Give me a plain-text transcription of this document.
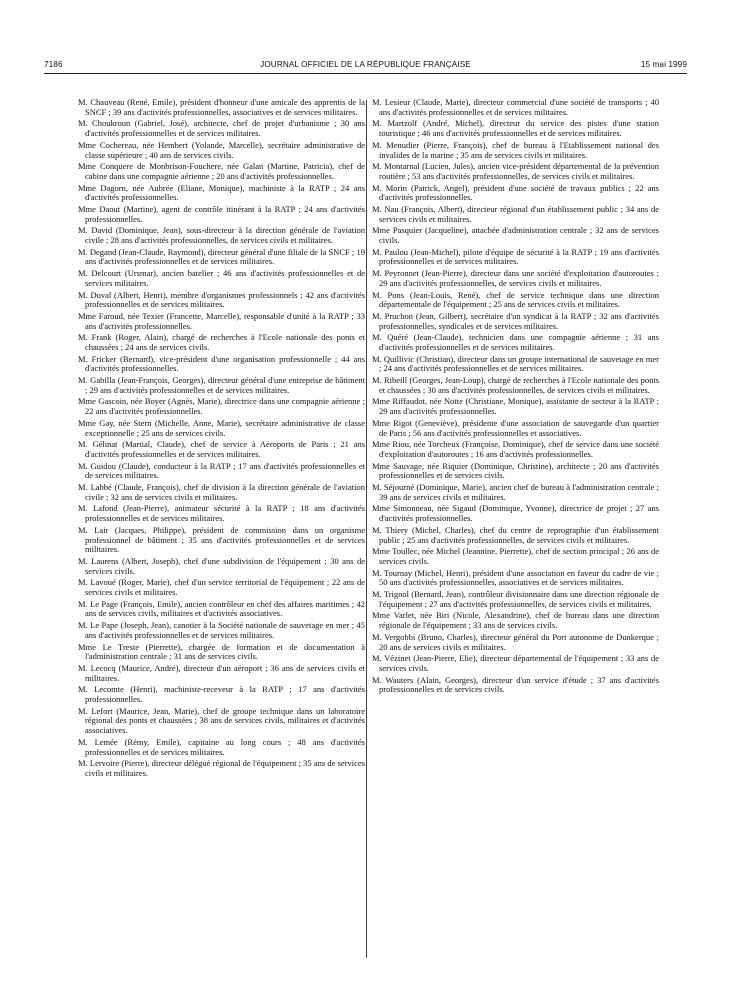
7186	JOURNAL OFFICIEL DE LA RÉPUBLIQUE FRANÇAISE	15 mai 1999

M. Chauveau (René, Emile), président d'honneur d'une amicale des apprentis de la SNCF ; 39 ans d'activités professionnelles, associatives et de services militaires.

M. Choukroun (Gabriel, José), architecte, chef de projet d'urbanisme ; 30 ans d'activités professionnelles et de services militaires.

Mme Cochereau, née Hembert (Yolande, Marcelle), secrétaire administrative de classe supérieure ; 40 ans de services civils.

Mme Conquere de Monbrison-Fouchere, née Galan (Martine, Patricia), chef de cabine dans une compagnie aérienne ; 20 ans d'activités professionnelles.

Mme Dagorn, née Aubrée (Eliane, Monique), machiniste à la RATP ; 24 ans d'activités professionnelles.

Mme Daout (Martine), agent de contrôle itinérant à la RATP ; 24 ans d'activités professionnelles.

M. David (Dominique, Jean), sous-directeur à la direction générale de l'aviation civile ; 28 ans d'activités professionnelles, de services civils et militaires.

M. Degand (Jean-Claude, Raymond), directeur général d'une filiale de la SNCF ; 19 ans d'activités professionnelles et de services militaires.

M. Delcourt (Ursmar), ancien batelier ; 46 ans d'activités professionnelles et de services militaires.

M. Duval (Albert, Henri), membre d'organismes professionnels ; 42 ans d'activités professionnelles et de services militaires.

Mme Faroud, née Texier (Francette, Marcelle), responsable d'unité à la RATP ; 33 ans d'activités professionnelles.

M. Frank (Roger, Alain), chargé de recherches à l'Ecole nationale des ponts et chaussées ; 24 ans de services civils.

M. Fricker (Bernard), vice-président d'une organisation professionnelle ; 44 ans d'activités professionnelles.

M. Gabilla (Jean-François, Georges), directeur général d'une entreprise de bâtiment ; 29 ans d'activités professionnelles et de services militaires.

Mme Gascoin, née Boyer (Agnès, Marie), directrice dans une compagnie aérienne ; 22 ans d'activités professionnelles.

Mme Gay, née Stern (Michelle, Anne, Marie), secrétaire administrative de classe exceptionnelle ; 25 ans de services civils.

M. Gélinat (Martial, Claude), chef de service à Aéroports de Paris ; 21 ans d'activités professionnelles et de services militaires.

M. Guidou (Claude), conducteur à la RATP ; 17 ans d'activités professionnelles et de services militaires.

M. Labbé (Claude, François), chef de division à la direction générale de l'aviation civile ; 32 ans de services civils et militaires.

M. Lafond (Jean-Pierre), animateur sécurité à la RATP ; 18 ans d'activités professionnelles et de services militaires.

M. Lair (Jacques, Philippe), président de commission dans un organisme professionnel de bâtiment ; 35 ans d'activités professionnelles et de services militaires.

M. Laurens (Albert, Joseph), chef d'une subdivision de l'équipement ; 30 ans de services civils.

M. Lavoué (Roger, Marie), chef d'un service territorial de l'équipement ; 22 ans de services civils et militaires.

M. Le Page (François, Emile), ancien contrôleur en chef des affaires maritimes ; 42 ans de services civils, militaires et d'activités associatives.

M. Le Pape (Joseph, Jean), canotier à la Société nationale de sauvetage en mer ; 45 ans d'activités professionnelles et de services militaires.

Mme Le Treste (Pierrette), chargée de formation et de documentation à l'administration centrale ; 31 ans de services civils.

M. Lecocq (Maurice, André), directeur d'un aéroport ; 36 ans de services civils et militaires.

M. Lecomte (Henri), machiniste-receveur à la RATP ; 17 ans d'activités professionnelles.

M. Lefort (Maurice, Jean, Marie), chef de groupe technique dans un laboratoire régional des ponts et chaussées ; 38 ans de services civils, militaires et d'activités associatives.

M. Lemée (Rémy, Emile), capitaine au long cours ; 48 ans d'activités professionnelles et de services militaires.

M. Lervoire (Pierre), directeur délégué régional de l'équipement ; 35 ans de services civils et militaires.

M. Lesieur (Claude, Marie), directeur commercial d'une société de transports ; 40 ans d'activités professionnelles et de services militaires.

M. Martzolf (André, Michel), directeur du service des pistes d'une station touristique ; 46 ans d'activités professionnelles et de services militaires.

M. Menudier (Pierre, François), chef de bureau à l'Etablissement national des invalides de la marine ; 35 ans de services civils et militaires.

M. Montarnal (Lucien, Jules), ancien vice-président départemental de la prévention routière ; 53 ans d'activités professionnelles, de services civils et militaires.

M. Morin (Patrick, Angel), président d'une société de travaux publics ; 22 ans d'activités professionnelles.

M. Nau (François, Albert), directeur régional d'un établissement public ; 34 ans de services civils et militaires.

Mme Pasquier (Jacqueline), attachée d'administration centrale ; 32 ans de services civils.

M. Paulou (Jean-Michel), pilote d'équipe de sécurité à la RATP ; 19 ans d'activités professionnelles et de services militaires.

M. Peyronnet (Jean-Pierre), directeur dans une société d'exploitation d'autoroutes ; 29 ans d'activités professionnelles, de services civils et militaires.

M. Pons (Jean-Louis, René), chef de service technique dans une direction départementale de l'équipement ; 25 ans de services civils et militaires.

M. Pruchon (Jean, Gilbert), secrétaire d'un syndicat à la RATP ; 32 ans d'activités professionnelles, syndicales et de services militaires.

M. Quéré (Jean-Claude), technicien dans une compagnie aérienne ; 31 ans d'activités professionnelles et de services militaires.

M. Quillivic (Christian), directeur dans un groupe international de sauvetage en mer ; 24 ans d'activités professionnelles et de services militaires.

M. Ribeill (Georges, Jean-Loup), chargé de recherches à l'Ecole nationale des ponts et chaussées ; 30 ans d'activités professionnelles, de services civils et militaires.

Mme Riffaudot, née Notte (Christiane, Monique), assistante de secteur à la RATP ; 29 ans d'activités professionnelles.

Mme Rigot (Geneviève), présidente d'une association de sauvegarde d'un quartier de Paris ; 56 ans d'activités professionnelles et associatives.

Mme Riou, née Torcheux (Françoise, Dominique), chef de service dans une société d'exploitation d'autoroutes ; 16 ans d'activités professionnelles.

Mme Sauvage, née Riquier (Dominique, Christine), architecte ; 20 ans d'activités professionnelles et de services civils.

M. Séjourné (Dominique, Marie), ancien chef de bureau à l'administration centrale ; 39 ans de services civils et militaires.

Mme Simonneau, née Sigaud (Dominique, Yvonne), directrice de projet ; 27 ans d'activités professionnelles.

M. Thiery (Michel, Charles), chef du centre de reprographie d'un établissement public ; 25 ans d'activités professionnelles, de services civils et militaires.

Mme Toullec, née Michel (Jeannine, Pierrette), chef de section principal ; 26 ans de services civils.

M. Tournay (Michel, Henri), président d'une association en faveur du cadre de vie ; 50 ans d'activités professionnelles, associatives et de services militaires.

M. Trignol (Bernard, Jean), contrôleur divisionnaire dans une direction régionale de l'équipement ; 27 ans d'activités professionnelles, de services civils et militaires.

Mme Varlet, née Biri (Nicole, Alexandrine), chef de bureau dans une direction régionale de l'équipement ; 33 ans de services civils.

M. Vergobbi (Bruno, Charles), directeur général du Port autonome de Dunkerque ; 20 ans de services civils et militaires.

M. Vézinet (Jean-Pierre, Elie), directeur départemental de l'équipement ; 33 ans de services civils.

M. Wauters (Alain, Georges), directeur d'un service d'étude ; 37 ans d'activités professionnelles et de services civils.
